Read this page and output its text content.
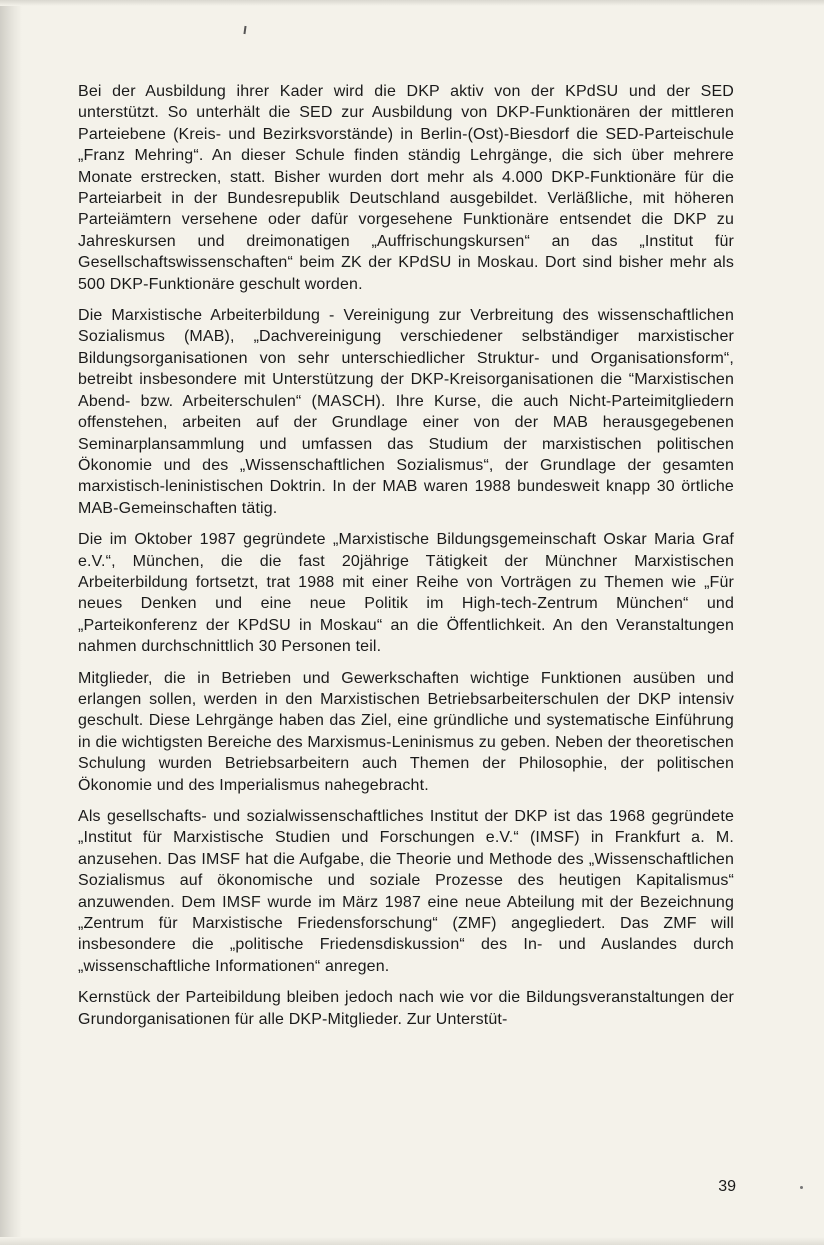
Bei der Ausbildung ihrer Kader wird die DKP aktiv von der KPdSU und der SED unterstützt. So unterhält die SED zur Ausbildung von DKP-Funktionären der mittleren Parteiebene (Kreis- und Bezirksvorstände) in Berlin-(Ost)-Biesdorf die SED-Parteischule „Franz Mehring“. An dieser Schule finden ständig Lehrgänge, die sich über mehrere Monate erstrecken, statt. Bisher wurden dort mehr als 4.000 DKP-Funktionäre für die Parteiarbeit in der Bundesrepublik Deutschland ausgebildet. Verläßliche, mit höheren Parteiämtern versehene oder dafür vorgesehene Funktionäre entsendet die DKP zu Jahreskursen und dreimonatigen „Auffrischungskursen“ an das „Institut für Gesellschaftswissenschaften“ beim ZK der KPdSU in Moskau. Dort sind bisher mehr als 500 DKP-Funktionäre geschult worden.

Die Marxistische Arbeiterbildung - Vereinigung zur Verbreitung des wissenschaftlichen Sozialismus (MAB), „Dachvereinigung verschiedener selbständiger marxistischer Bildungsorganisationen von sehr unterschiedlicher Struktur- und Organisationsform“, betreibt insbesondere mit Unterstützung der DKP-Kreisorganisationen die “Marxistischen Abend- bzw. Arbeiterschulen“ (MASCH). Ihre Kurse, die auch Nicht-Parteimitgliedern offenstehen, arbeiten auf der Grundlage einer von der MAB herausgegebenen Seminarplansammlung und umfassen das Studium der marxistischen politischen Ökonomie und des „Wissenschaftlichen Sozialismus“, der Grundlage der gesamten marxistisch-leninistischen Doktrin. In der MAB waren 1988 bundesweit knapp 30 örtliche MAB-Gemeinschaften tätig.

Die im Oktober 1987 gegründete „Marxistische Bildungsgemeinschaft Oskar Maria Graf e.V.“, München, die die fast 20jährige Tätigkeit der Münchner Marxistischen Arbeiterbildung fortsetzt, trat 1988 mit einer Reihe von Vorträgen zu Themen wie „Für neues Denken und eine neue Politik im High-tech-Zentrum München“ und „Parteikonferenz der KPdSU in Moskau“ an die Öffentlichkeit. An den Veranstaltungen nahmen durchschnittlich 30 Personen teil.

Mitglieder, die in Betrieben und Gewerkschaften wichtige Funktionen ausüben und erlangen sollen, werden in den Marxistischen Betriebsarbeiterschulen der DKP intensiv geschult. Diese Lehrgänge haben das Ziel, eine gründliche und systematische Einführung in die wichtigsten Bereiche des Marxismus-Leninismus zu geben. Neben der theoretischen Schulung wurden Betriebsarbeitern auch Themen der Philosophie, der politischen Ökonomie und des Imperialismus nahegebracht.

Als gesellschafts- und sozialwissenschaftliches Institut der DKP ist das 1968 gegründete „Institut für Marxistische Studien und Forschungen e.V.“ (IMSF) in Frankfurt a. M. anzusehen. Das IMSF hat die Aufgabe, die Theorie und Methode des „Wissenschaftlichen Sozialismus auf ökonomische und soziale Prozesse des heutigen Kapitalismus“ anzuwenden. Dem IMSF wurde im März 1987 eine neue Abteilung mit der Bezeichnung „Zentrum für Marxistische Friedensforschung“ (ZMF) angegliedert. Das ZMF will insbesondere die „politische Friedensdiskussion“ des In- und Auslandes durch „wissenschaftliche Informationen“ anregen.

Kernstück der Parteibildung bleiben jedoch nach wie vor die Bildungsveranstaltungen der Grundorganisationen für alle DKP-Mitglieder. Zur Unterstüt-

39
